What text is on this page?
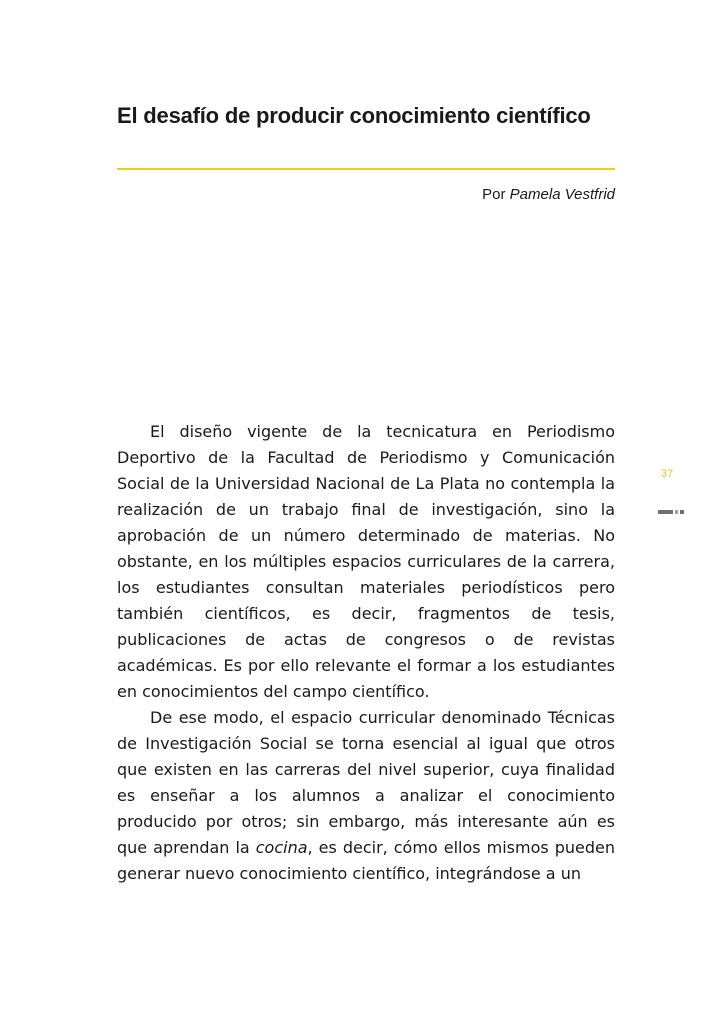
El desafío de producir conocimiento científico
Por Pamela Vestfrid

El diseño vigente de la tecnicatura en Periodismo Deportivo de la Facultad de Periodismo y Comunicación Social de la Universidad Nacional de La Plata no contempla la realización de un trabajo final de investigación, sino la aprobación de un número determinado de materias. No obstante, en los múltiples espacios curriculares de la carrera, los estudiantes consultan materiales periodísticos pero también científicos, es decir, fragmentos de tesis, publicaciones de actas de congresos o de revistas académicas. Es por ello relevante el formar a los estudiantes en conocimientos del campo científico.

De ese modo, el espacio curricular denominado Técnicas de Investigación Social se torna esencial al igual que otros que existen en las carreras del nivel superior, cuya finalidad es enseñar a los alumnos a analizar el conocimiento producido por otros; sin embargo, más interesante aún es que aprendan la cocina, es decir, cómo ellos mismos pueden generar nuevo conocimiento científico, integrándose a un

37
